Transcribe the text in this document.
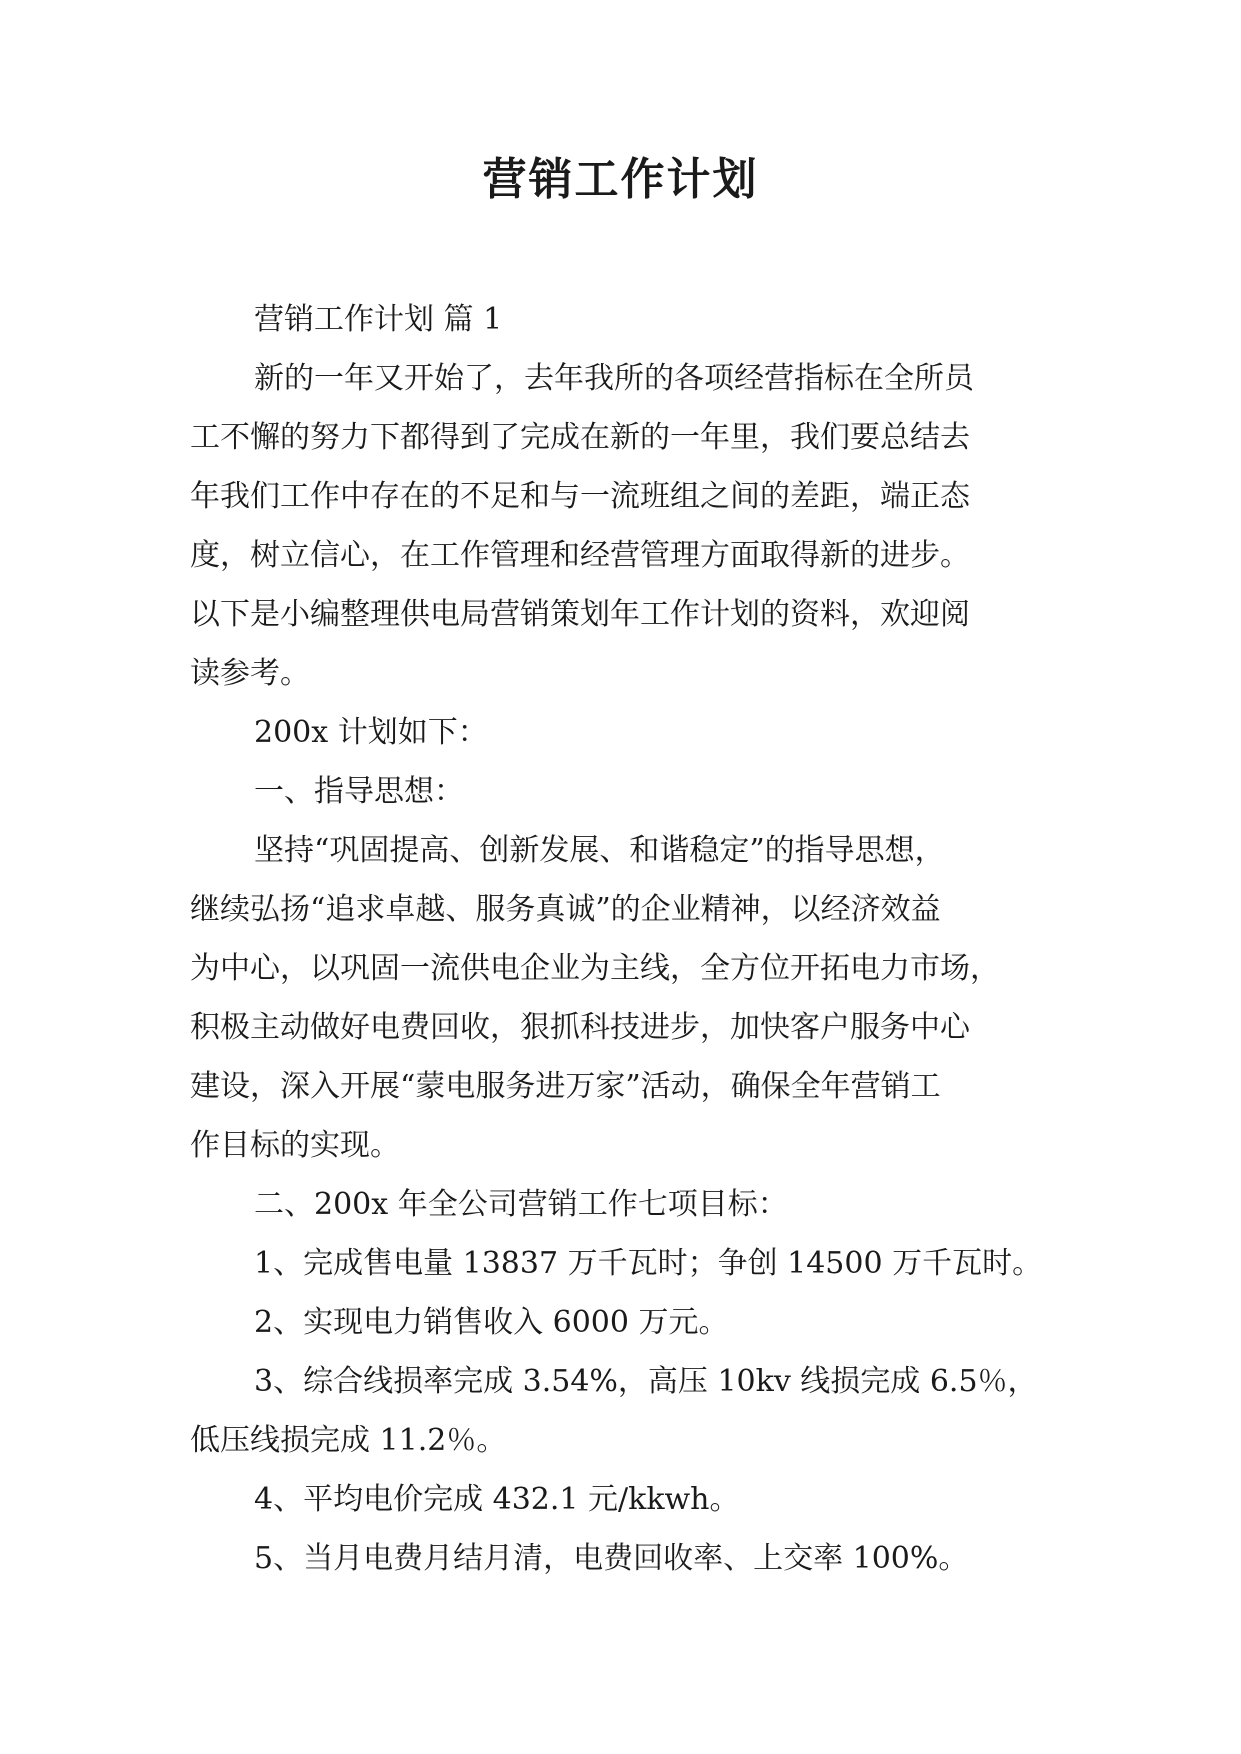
营销工作计划
营销工作计划 篇 1
新的一年又开始了，去年我所的各项经营指标在全所员
工不懈的努力下都得到了完成在新的一年里，我们要总结去
年我们工作中存在的不足和与一流班组之间的差距，端正态
度，树立信心，在工作管理和经营管理方面取得新的进步。
以下是小编整理供电局营销策划年工作计划的资料，欢迎阅
读参考。
200x 计划如下：
一、指导思想：
坚持“巩固提高、创新发展、和谐稳定”的指导思想，
继续弘扬“追求卓越、服务真诚”的企业精神，以经济效益
为中心，以巩固一流供电企业为主线，全方位开拓电力市场，
积极主动做好电费回收，狠抓科技进步，加快客户服务中心
建设，深入开展“蒙电服务进万家”活动，确保全年营销工
作目标的实现。
二、200x 年全公司营销工作七项目标：
1、完成售电量 13837 万千瓦时；争创 14500 万千瓦时。
2、实现电力销售收入 6000 万元。
3、综合线损率完成 3.54%，高压 10kv 线损完成 6.5％，
低压线损完成 11.2％。
4、平均电价完成 432.1 元/kkwh。
5、当月电费月结月清，电费回收率、上交率 100%。
